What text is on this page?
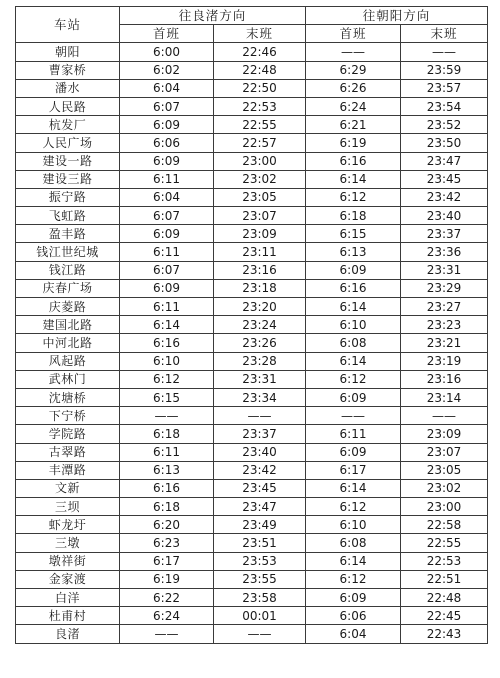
车站	往良渚方向		往朝阳方向	
	首班	末班	首班	末班
朝阳	6:00	22:46	——	——
曹家桥	6:02	22:48	6:29	23:59
潘水	6:04	22:50	6:26	23:57
人民路	6:07	22:53	6:24	23:54
杭发厂	6:09	22:55	6:21	23:52
人民广场	6:06	22:57	6:19	23:50
建设一路	6:09	23:00	6:16	23:47
建设三路	6:11	23:02	6:14	23:45
振宁路	6:04	23:05	6:12	23:42
飞虹路	6:07	23:07	6:18	23:40
盈丰路	6:09	23:09	6:15	23:37
钱江世纪城	6:11	23:11	6:13	23:36
钱江路	6:07	23:16	6:09	23:31
庆春广场	6:09	23:18	6:16	23:29
庆菱路	6:11	23:20	6:14	23:27
建国北路	6:14	23:24	6:10	23:23
中河北路	6:16	23:26	6:08	23:21
风起路	6:10	23:28	6:14	23:19
武林门	6:12	23:31	6:12	23:16
沈塘桥	6:15	23:34	6:09	23:14
下宁桥	——	——	——	——
学院路	6:18	23:37	6:11	23:09
古翠路	6:11	23:40	6:09	23:07
丰潭路	6:13	23:42	6:17	23:05
文新	6:16	23:45	6:14	23:02
三坝	6:18	23:47	6:12	23:00
虾龙圩	6:20	23:49	6:10	22:58
三墩	6:23	23:51	6:08	22:55
墩祥街	6:17	23:53	6:14	22:53
金家渡	6:19	23:55	6:12	22:51
白洋	6:22	23:58	6:09	22:48
杜甫村	6:24	00:01	6:06	22:45
良渚	——	——	6:04	22:43
